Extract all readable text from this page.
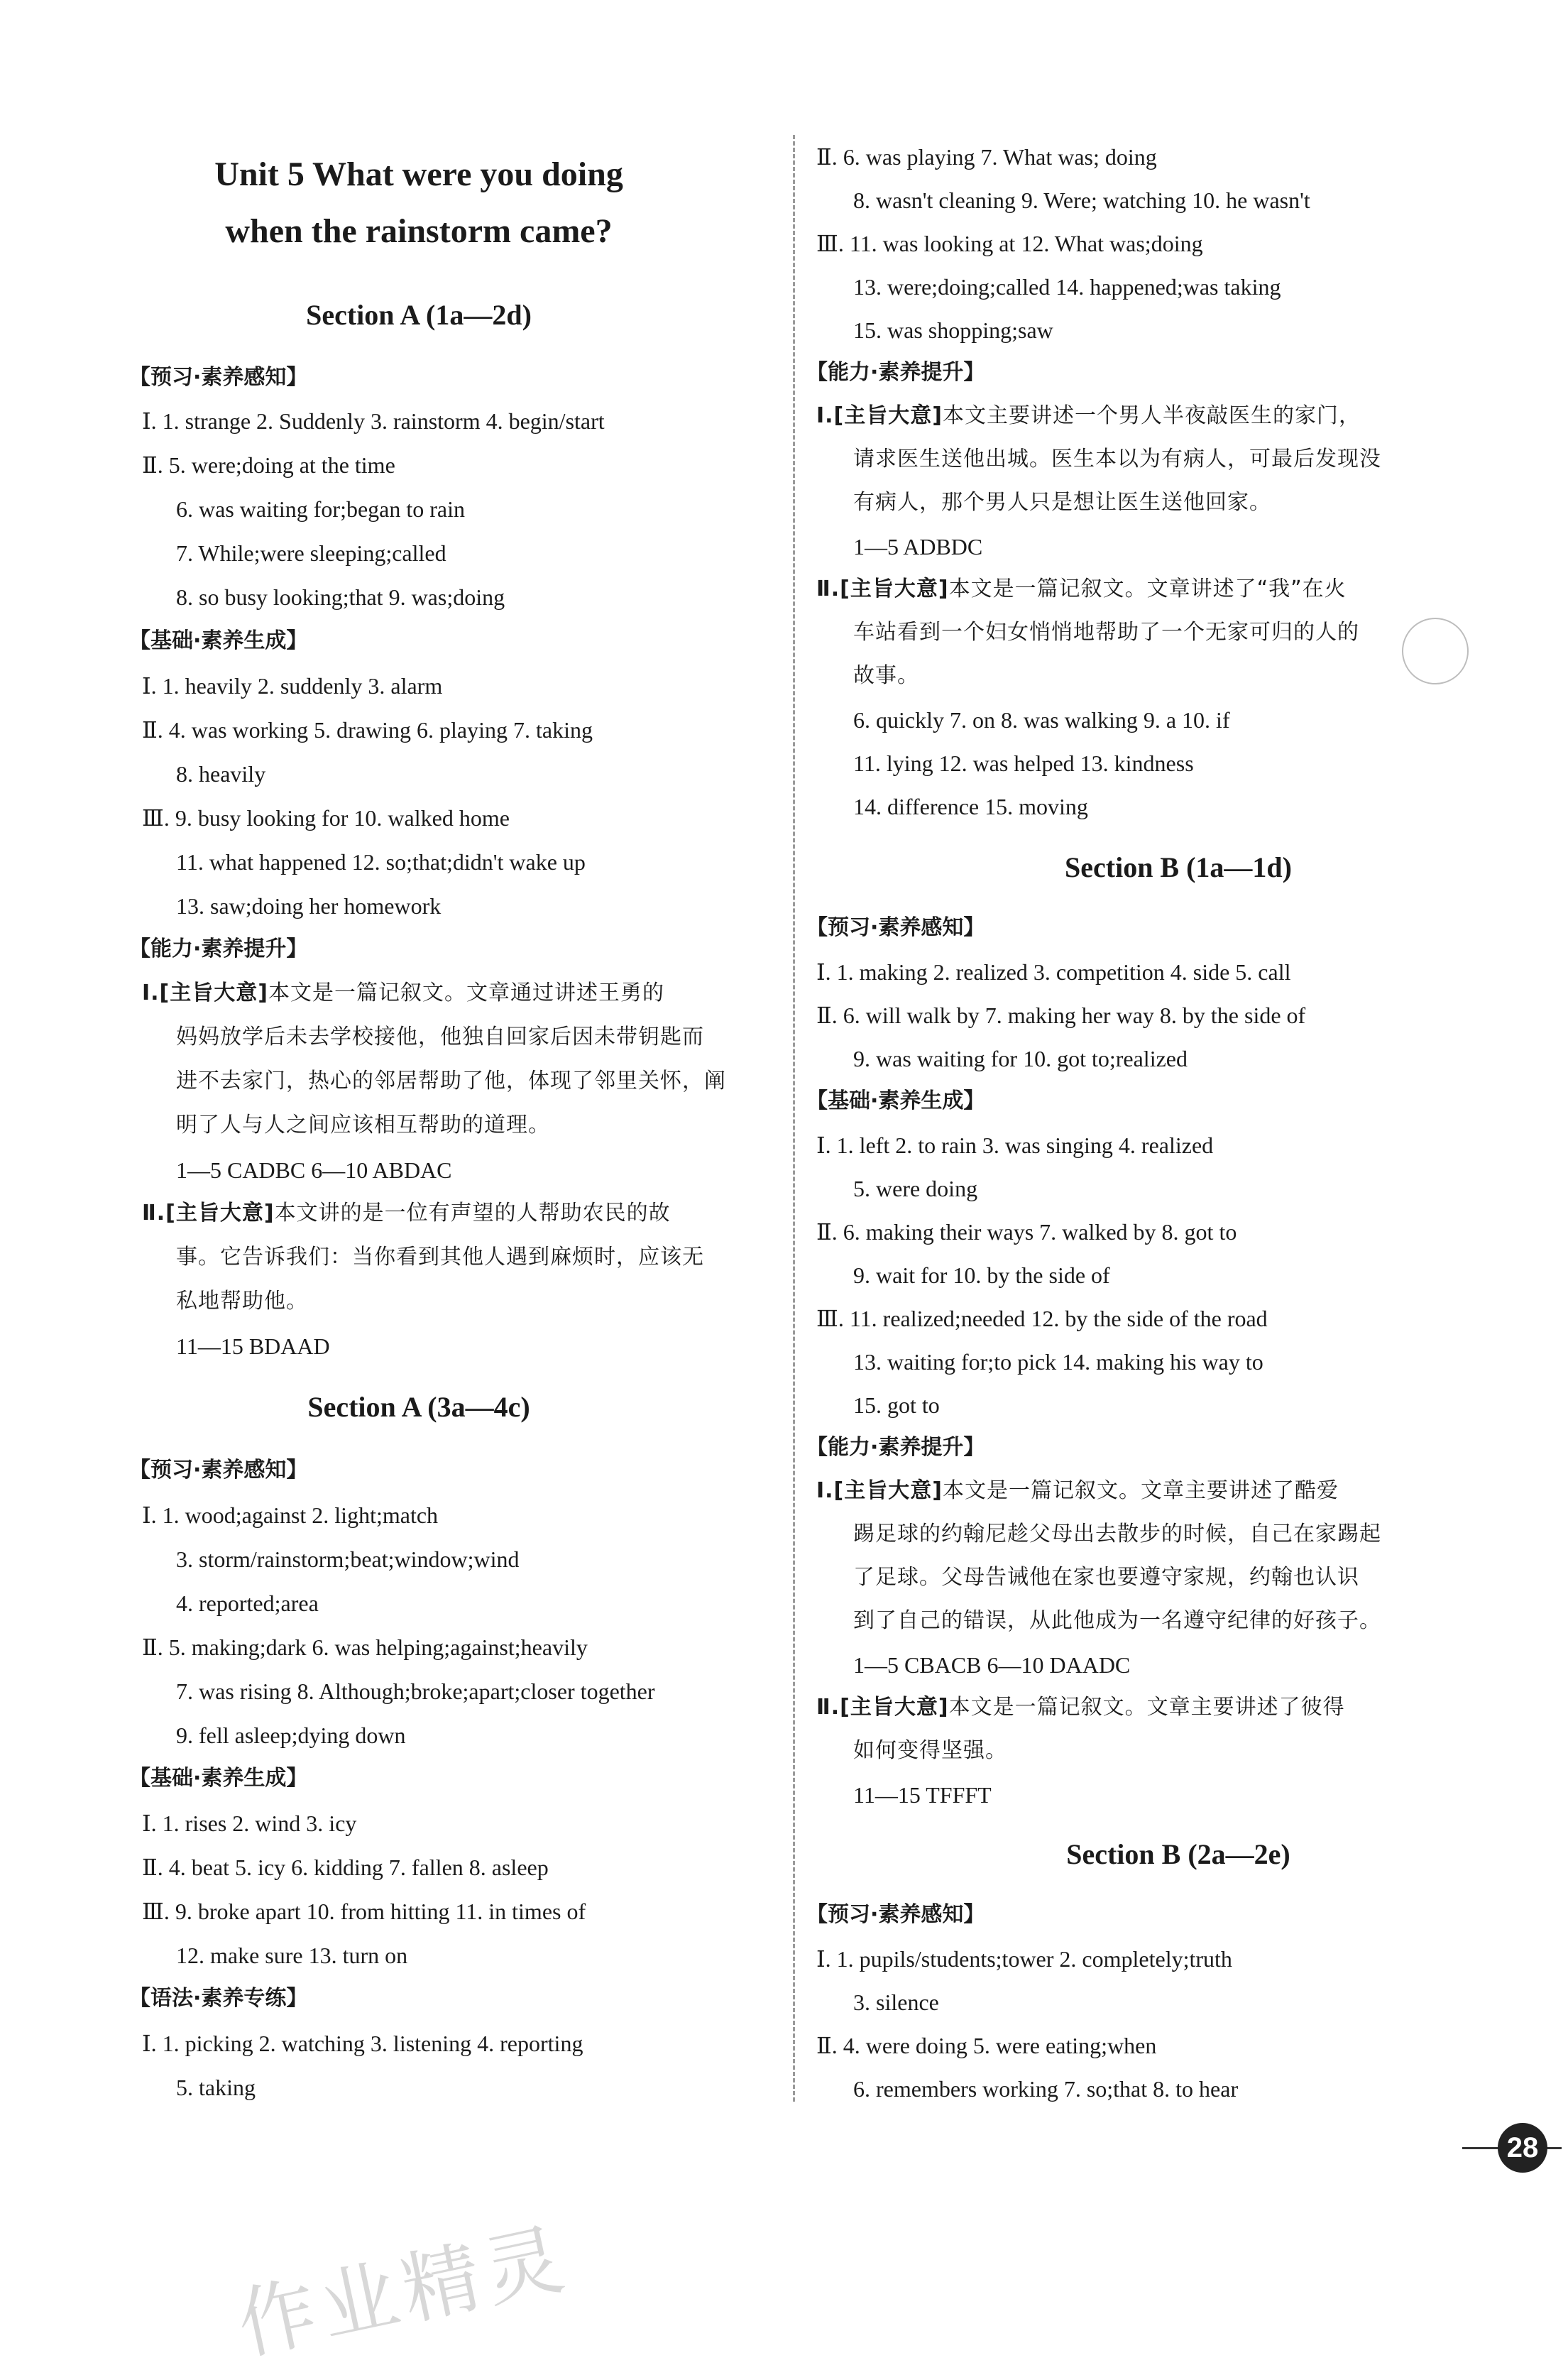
Unit 5 What were you doing
when the rainstorm came?
Section A (1a—2d)
【预习·素养感知】
Ⅰ. 1. strange 2. Suddenly 3. rainstorm 4. begin/start
Ⅱ. 5. were;doing at the time
6. was waiting for;began to rain
7. While;were sleeping;called
8. so busy looking;that 9. was;doing
【基础·素养生成】
Ⅰ. 1. heavily 2. suddenly 3. alarm
Ⅱ. 4. was working 5. drawing 6. playing 7. taking
8. heavily
Ⅲ. 9. busy looking for 10. walked home
11. what happened 12. so;that;didn't wake up
13. saw;doing her homework
【能力·素养提升】
Ⅰ.[主旨大意]本文是一篇记叙文。文章通过讲述王勇的
妈妈放学后未去学校接他，他独自回家后因未带钥匙而
进不去家门，热心的邻居帮助了他，体现了邻里关怀，阐
明了人与人之间应该相互帮助的道理。
1—5 CADBC 6—10 ABDAC
Ⅱ.[主旨大意]本文讲的是一位有声望的人帮助农民的故
事。它告诉我们：当你看到其他人遇到麻烦时，应该无
私地帮助他。
11—15 BDAAD
Section A (3a—4c)
【预习·素养感知】
Ⅰ. 1. wood;against 2. light;match
3. storm/rainstorm;beat;window;wind
4. reported;area
Ⅱ. 5. making;dark 6. was helping;against;heavily
7. was rising 8. Although;broke;apart;closer together
9. fell asleep;dying down
【基础·素养生成】
Ⅰ. 1. rises 2. wind 3. icy
Ⅱ. 4. beat 5. icy 6. kidding 7. fallen 8. asleep
Ⅲ. 9. broke apart 10. from hitting 11. in times of
12. make sure 13. turn on
【语法·素养专练】
Ⅰ. 1. picking 2. watching 3. listening 4. reporting
5. taking
Ⅱ. 6. was playing 7. What was; doing
8. wasn't cleaning 9. Were; watching 10. he wasn't
Ⅲ. 11. was looking at 12. What was;doing
13. were;doing;called 14. happened;was taking
15. was shopping;saw
【能力·素养提升】
Ⅰ.[主旨大意]本文主要讲述一个男人半夜敲医生的家门，
请求医生送他出城。医生本以为有病人，可最后发现没
有病人，那个男人只是想让医生送他回家。
1—5 ADBDC
Ⅱ.[主旨大意]本文是一篇记叙文。文章讲述了“我”在火
车站看到一个妇女悄悄地帮助了一个无家可归的人的
故事。
6. quickly 7. on 8. was walking 9. a 10. if
11. lying 12. was helped 13. kindness
14. difference 15. moving
Section B (1a—1d)
【预习·素养感知】
Ⅰ. 1. making 2. realized 3. competition 4. side 5. call
Ⅱ. 6. will walk by 7. making her way 8. by the side of
9. was waiting for 10. got to;realized
【基础·素养生成】
Ⅰ. 1. left 2. to rain 3. was singing 4. realized
5. were doing
Ⅱ. 6. making their ways 7. walked by 8. got to
9. wait for 10. by the side of
Ⅲ. 11. realized;needed 12. by the side of the road
13. waiting for;to pick 14. making his way to
15. got to
【能力·素养提升】
Ⅰ.[主旨大意]本文是一篇记叙文。文章主要讲述了酷爱
踢足球的约翰尼趁父母出去散步的时候，自己在家踢起
了足球。父母告诫他在家也要遵守家规，约翰也认识
到了自己的错误，从此他成为一名遵守纪律的好孩子。
1—5 CBACB 6—10 DAADC
Ⅱ.[主旨大意]本文是一篇记叙文。文章主要讲述了彼得
如何变得坚强。
11—15 TFFFT
Section B (2a—2e)
【预习·素养感知】
Ⅰ. 1. pupils/students;tower 2. completely;truth
3. silence
Ⅱ. 4. were doing 5. were eating;when
6. remembers working 7. so;that 8. to hear
28
作业精灵
